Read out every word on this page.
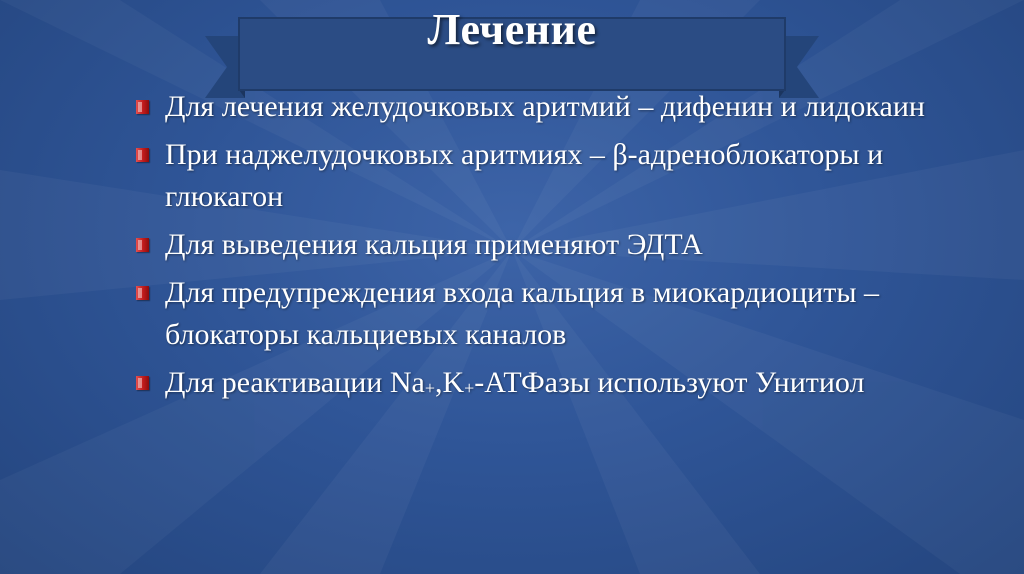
Лечение
Для лечения желудочковых аритмий – дифенин и лидокаин
При наджелудочковых аритмиях – β-адреноблокаторы и глюкагон
Для выведения кальция применяют ЭДТА
Для предупреждения входа кальция в миокардиоциты – блокаторы кальциевых каналов
Для реактивации $Na_+,K_+$-АТФазы используют Унитиол
